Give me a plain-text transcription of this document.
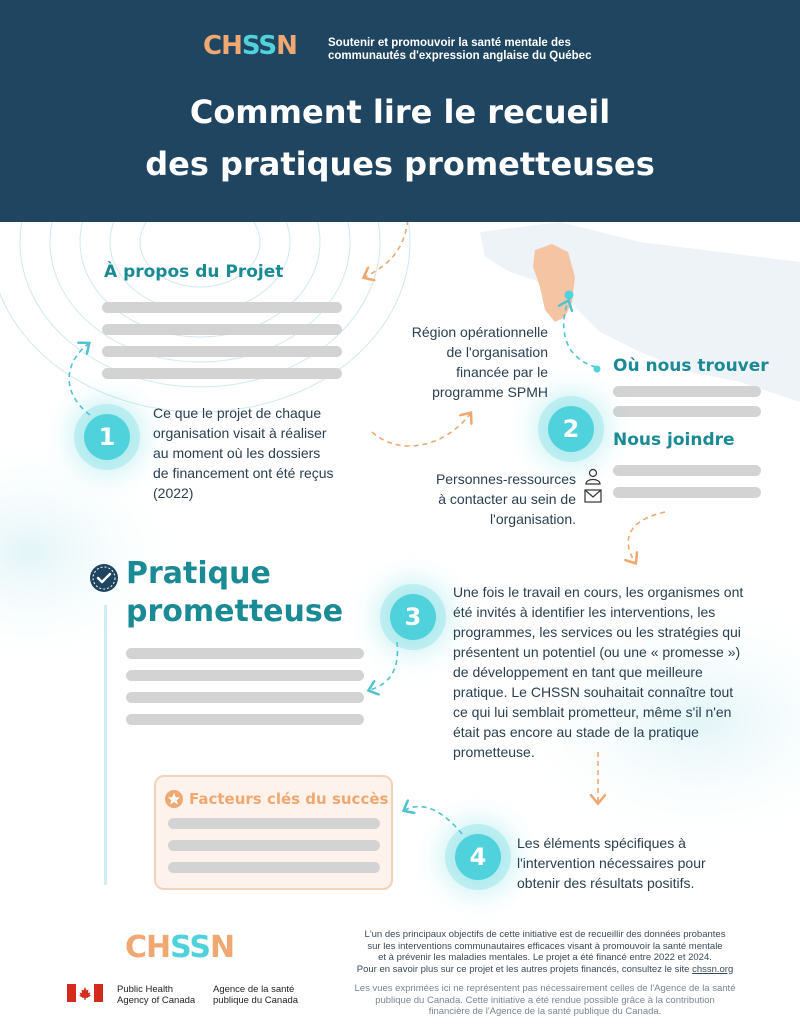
CHSSN	Soutenir et promouvoir la santé mentale des
communautés d'expression anglaise du Québec
Comment lire le recueil
des pratiques prometteuses
À propos du Projet
1
Ce que le projet de chaque
organisation visait à réaliser
au moment où les dossiers
de financement ont été reçus
(2022)
Région opérationnelle
de l'organisation
financée par le
programme SPMH
Où nous trouver
2	Nous joindre
Personnes-ressources
à contacter au sein de
l'organisation.
Pratique
prometteuse	3
Une fois le travail en cours, les organismes ont
été invités à identifier les interventions, les
programmes, les services ou les stratégies qui
présentent un potentiel (ou une « promesse »)
de développement en tant que meilleure
pratique. Le CHSSN souhaitait connaître tout
ce qui lui semblait prometteur, même s'il n'en
était pas encore au stade de la pratique
prometteuse.
Facteurs clés du succès
4	Les éléments spécifiques à
l'intervention nécessaires pour
obtenir des résultats positifs.
CHSSN
Public Health
Agency of Canada
Agence de la santé
publique du Canada
L'un des principaux objectifs de cette initiative est de recueillir des données probantes
sur les interventions communautaires efficaces visant à promouvoir la santé mentale
et à prévenir les maladies mentales. Le projet a été financé entre 2022 et 2024.
Pour en savoir plus sur ce projet et les autres projets financés, consultez le site chssn.org
Les vues exprimées ici ne représentent pas nécessairement celles de l'Agence de la santé
publique du Canada. Cette initiative a été rendue possible grâce à la contribution
financière de l'Agence de la santé publique du Canada.
